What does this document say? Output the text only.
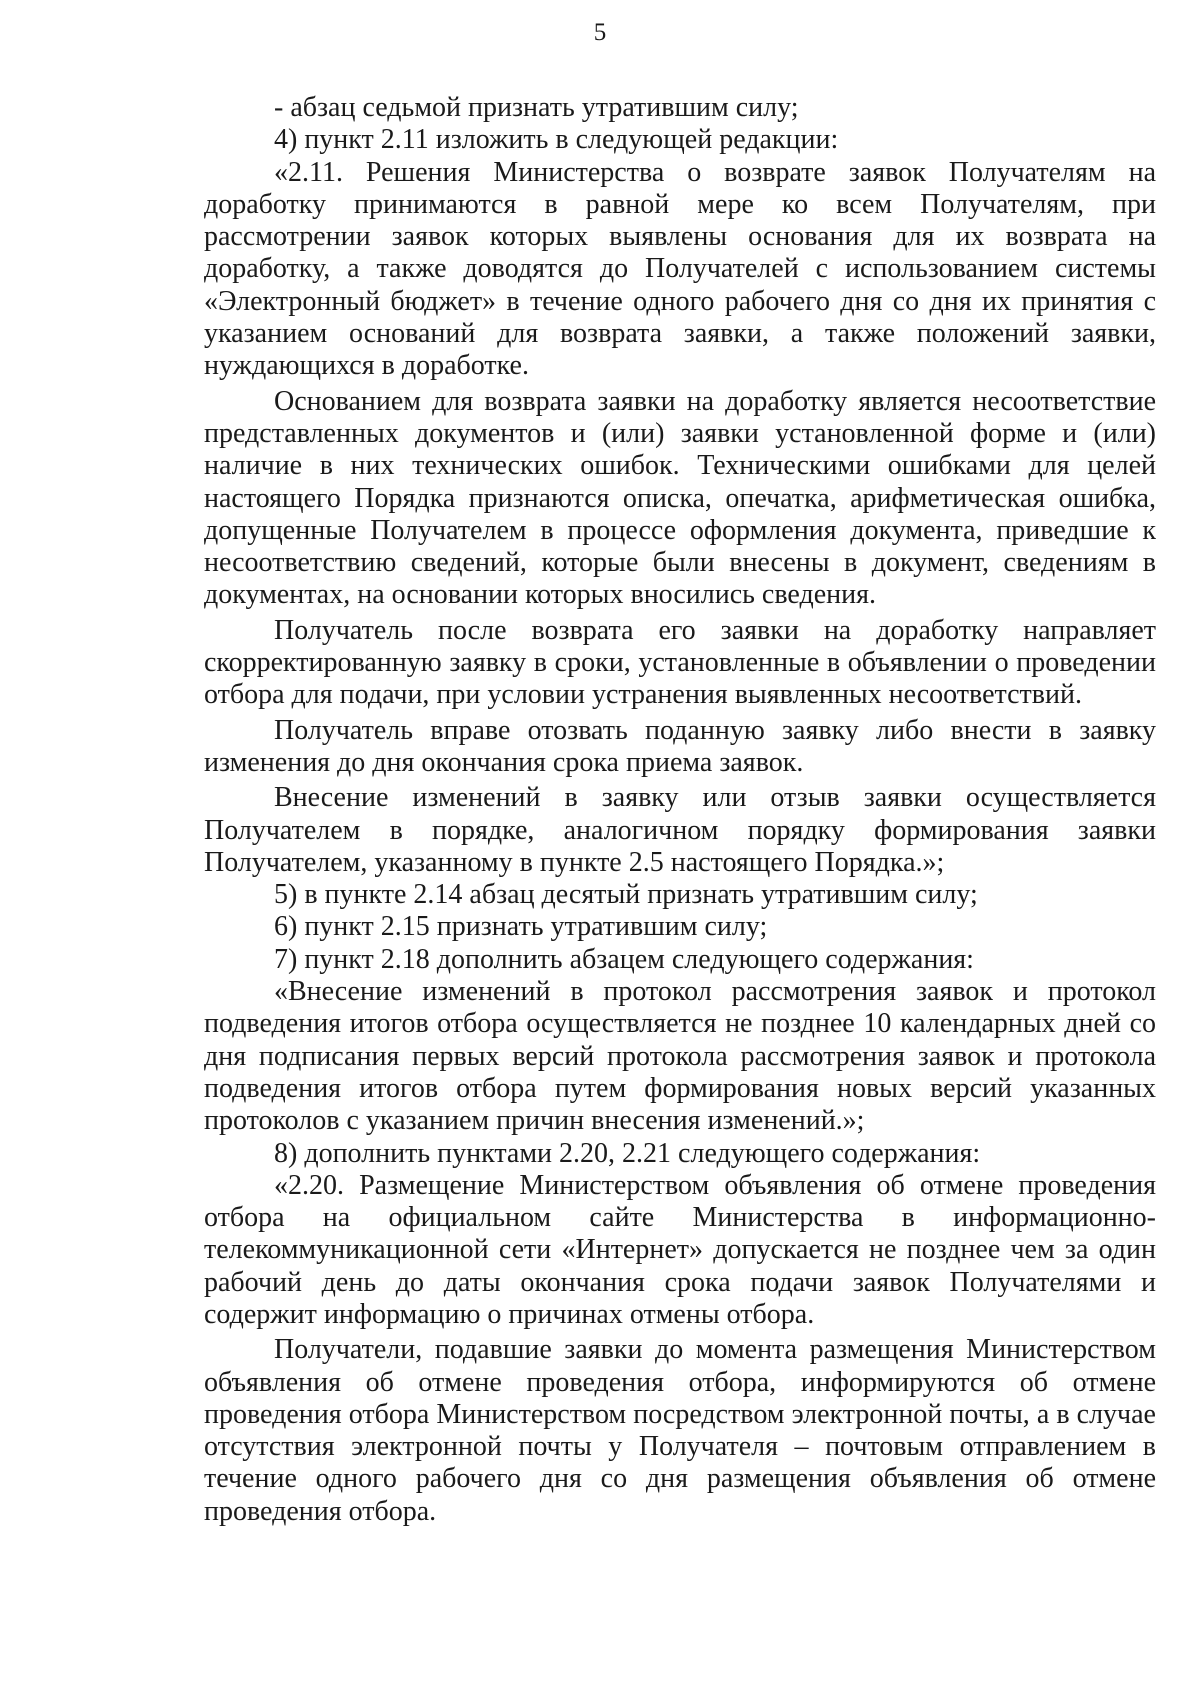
5

- абзац седьмой признать утратившим силу;

4) пункт 2.11 изложить в следующей редакции:

«2.11. Решения Министерства о возврате заявок Получателям на доработку принимаются в равной мере ко всем Получателям, при рассмотрении заявок которых выявлены основания для их возврата на доработку, а также доводятся до Получателей с использованием системы «Электронный бюджет» в течение одного рабочего дня со дня их принятия с указанием оснований для возврата заявки, а также положений заявки, нуждающихся в доработке.

Основанием для возврата заявки на доработку является несоответствие представленных документов и (или) заявки установленной форме и (или) наличие в них технических ошибок. Техническими ошибками для целей настоящего Порядка признаются описка, опечатка, арифметическая ошибка, допущенные Получателем в процессе оформления документа, приведшие к несоответствию сведений, которые были внесены в документ, сведениям в документах, на основании которых вносились сведения.

Получатель после возврата его заявки на доработку направляет скорректированную заявку в сроки, установленные в объявлении о проведении отбора для подачи, при условии устранения выявленных несоответствий.

Получатель вправе отозвать поданную заявку либо внести в заявку изменения до дня окончания срока приема заявок.

Внесение изменений в заявку или отзыв заявки осуществляется Получателем в порядке, аналогичном порядку формирования заявки Получателем, указанному в пункте 2.5 настоящего Порядка.»;

5) в пункте 2.14 абзац десятый признать утратившим силу;

6) пункт 2.15 признать утратившим силу;

7) пункт 2.18 дополнить абзацем следующего содержания:

«Внесение изменений в протокол рассмотрения заявок и протокол подведения итогов отбора осуществляется не позднее 10 календарных дней со дня подписания первых версий протокола рассмотрения заявок и протокола подведения итогов отбора путем формирования новых версий указанных протоколов с указанием причин внесения изменений.»;

8) дополнить пунктами 2.20, 2.21 следующего содержания:

«2.20. Размещение Министерством объявления об отмене проведения отбора на официальном сайте Министерства в информационно-телекоммуникационной сети «Интернет» допускается не позднее чем за один рабочий день до даты окончания срока подачи заявок Получателями и содержит информацию о причинах отмены отбора.

Получатели, подавшие заявки до момента размещения Министерством объявления об отмене проведения отбора, информируются об отмене проведения отбора Министерством посредством электронной почты, а в случае отсутствия электронной почты у Получателя – почтовым отправлением в течение одного рабочего дня со дня размещения объявления об отмене проведения отбора.
